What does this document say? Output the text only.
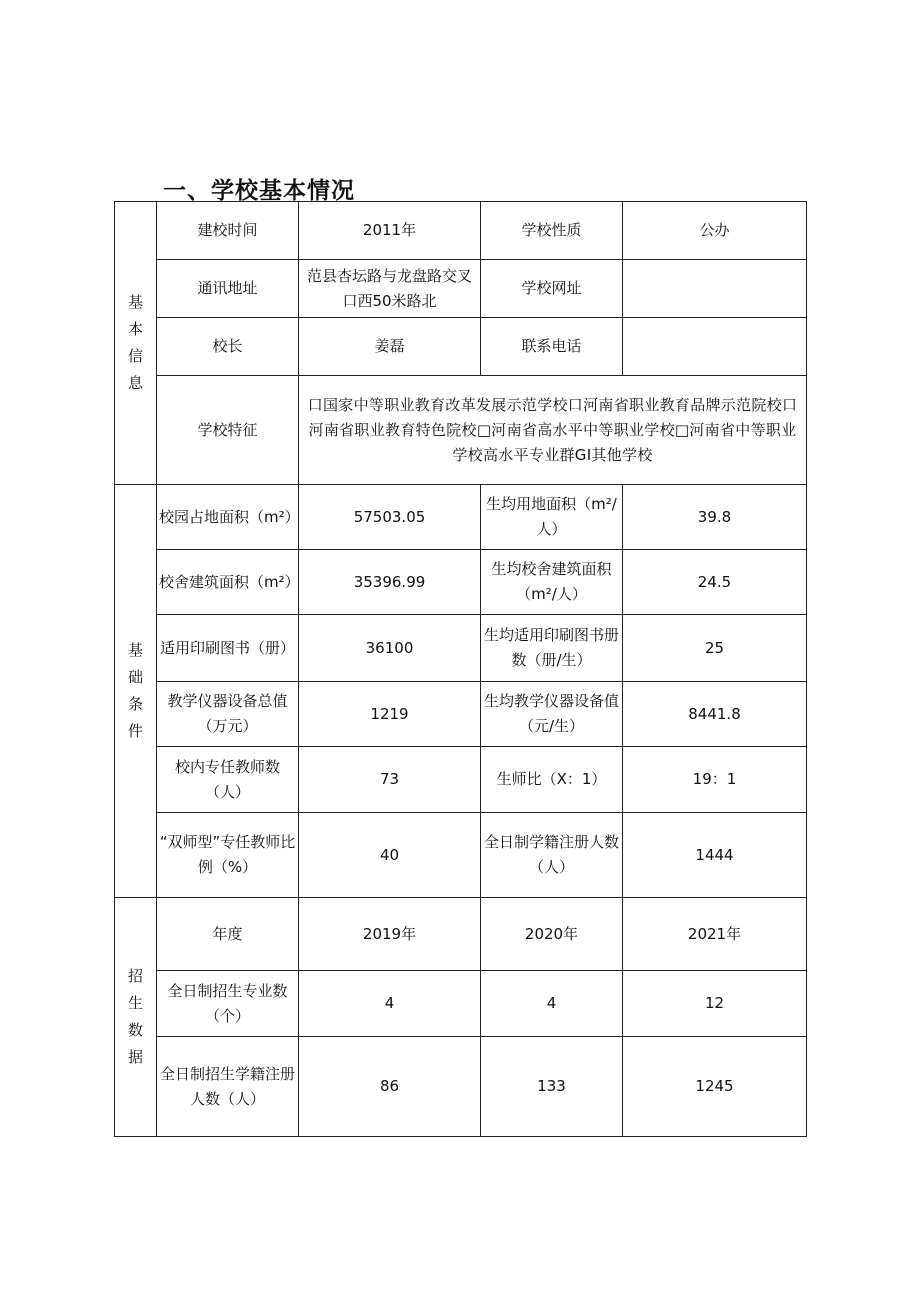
一、学校基本情况
基本信息	建校时间	2011年	学校性质	公办
	通讯地址	范县杏坛路与龙盘路交叉口西50米路北	学校网址	
	校长	姜磊	联系电话	
	学校特征	口国家中等职业教育改革发展示范学校口河南省职业教育品牌示范院校口河南省职业教育特色院校□河南省高水平中等职业学校□河南省中等职业学校高水平专业群GI其他学校		

基础条件	校园占地面积（m²）	57503.05	生均用地面积（m²/人）	39.8
	校舍建筑面积（m²）	35396.99	生均校舍建筑面积（m²/人）	24.5
	适用印刷图书（册）	36100	生均适用印刷图书册数（册/生）	25
	教学仪器设备总值（万元）	1219	生均教学仪器设备值（元/生）	8441.8
	校内专任教师数（人）	73	生师比（X：1）	19：1
	“双师型”专任教师比例（%）	40	全日制学籍注册人数（人）	1444

招生数据	年度	2019年	2020年	2021年
	全日制招生专业数（个）	4	4	12
	全日制招生学籍注册人数（人）	86	133	1245
